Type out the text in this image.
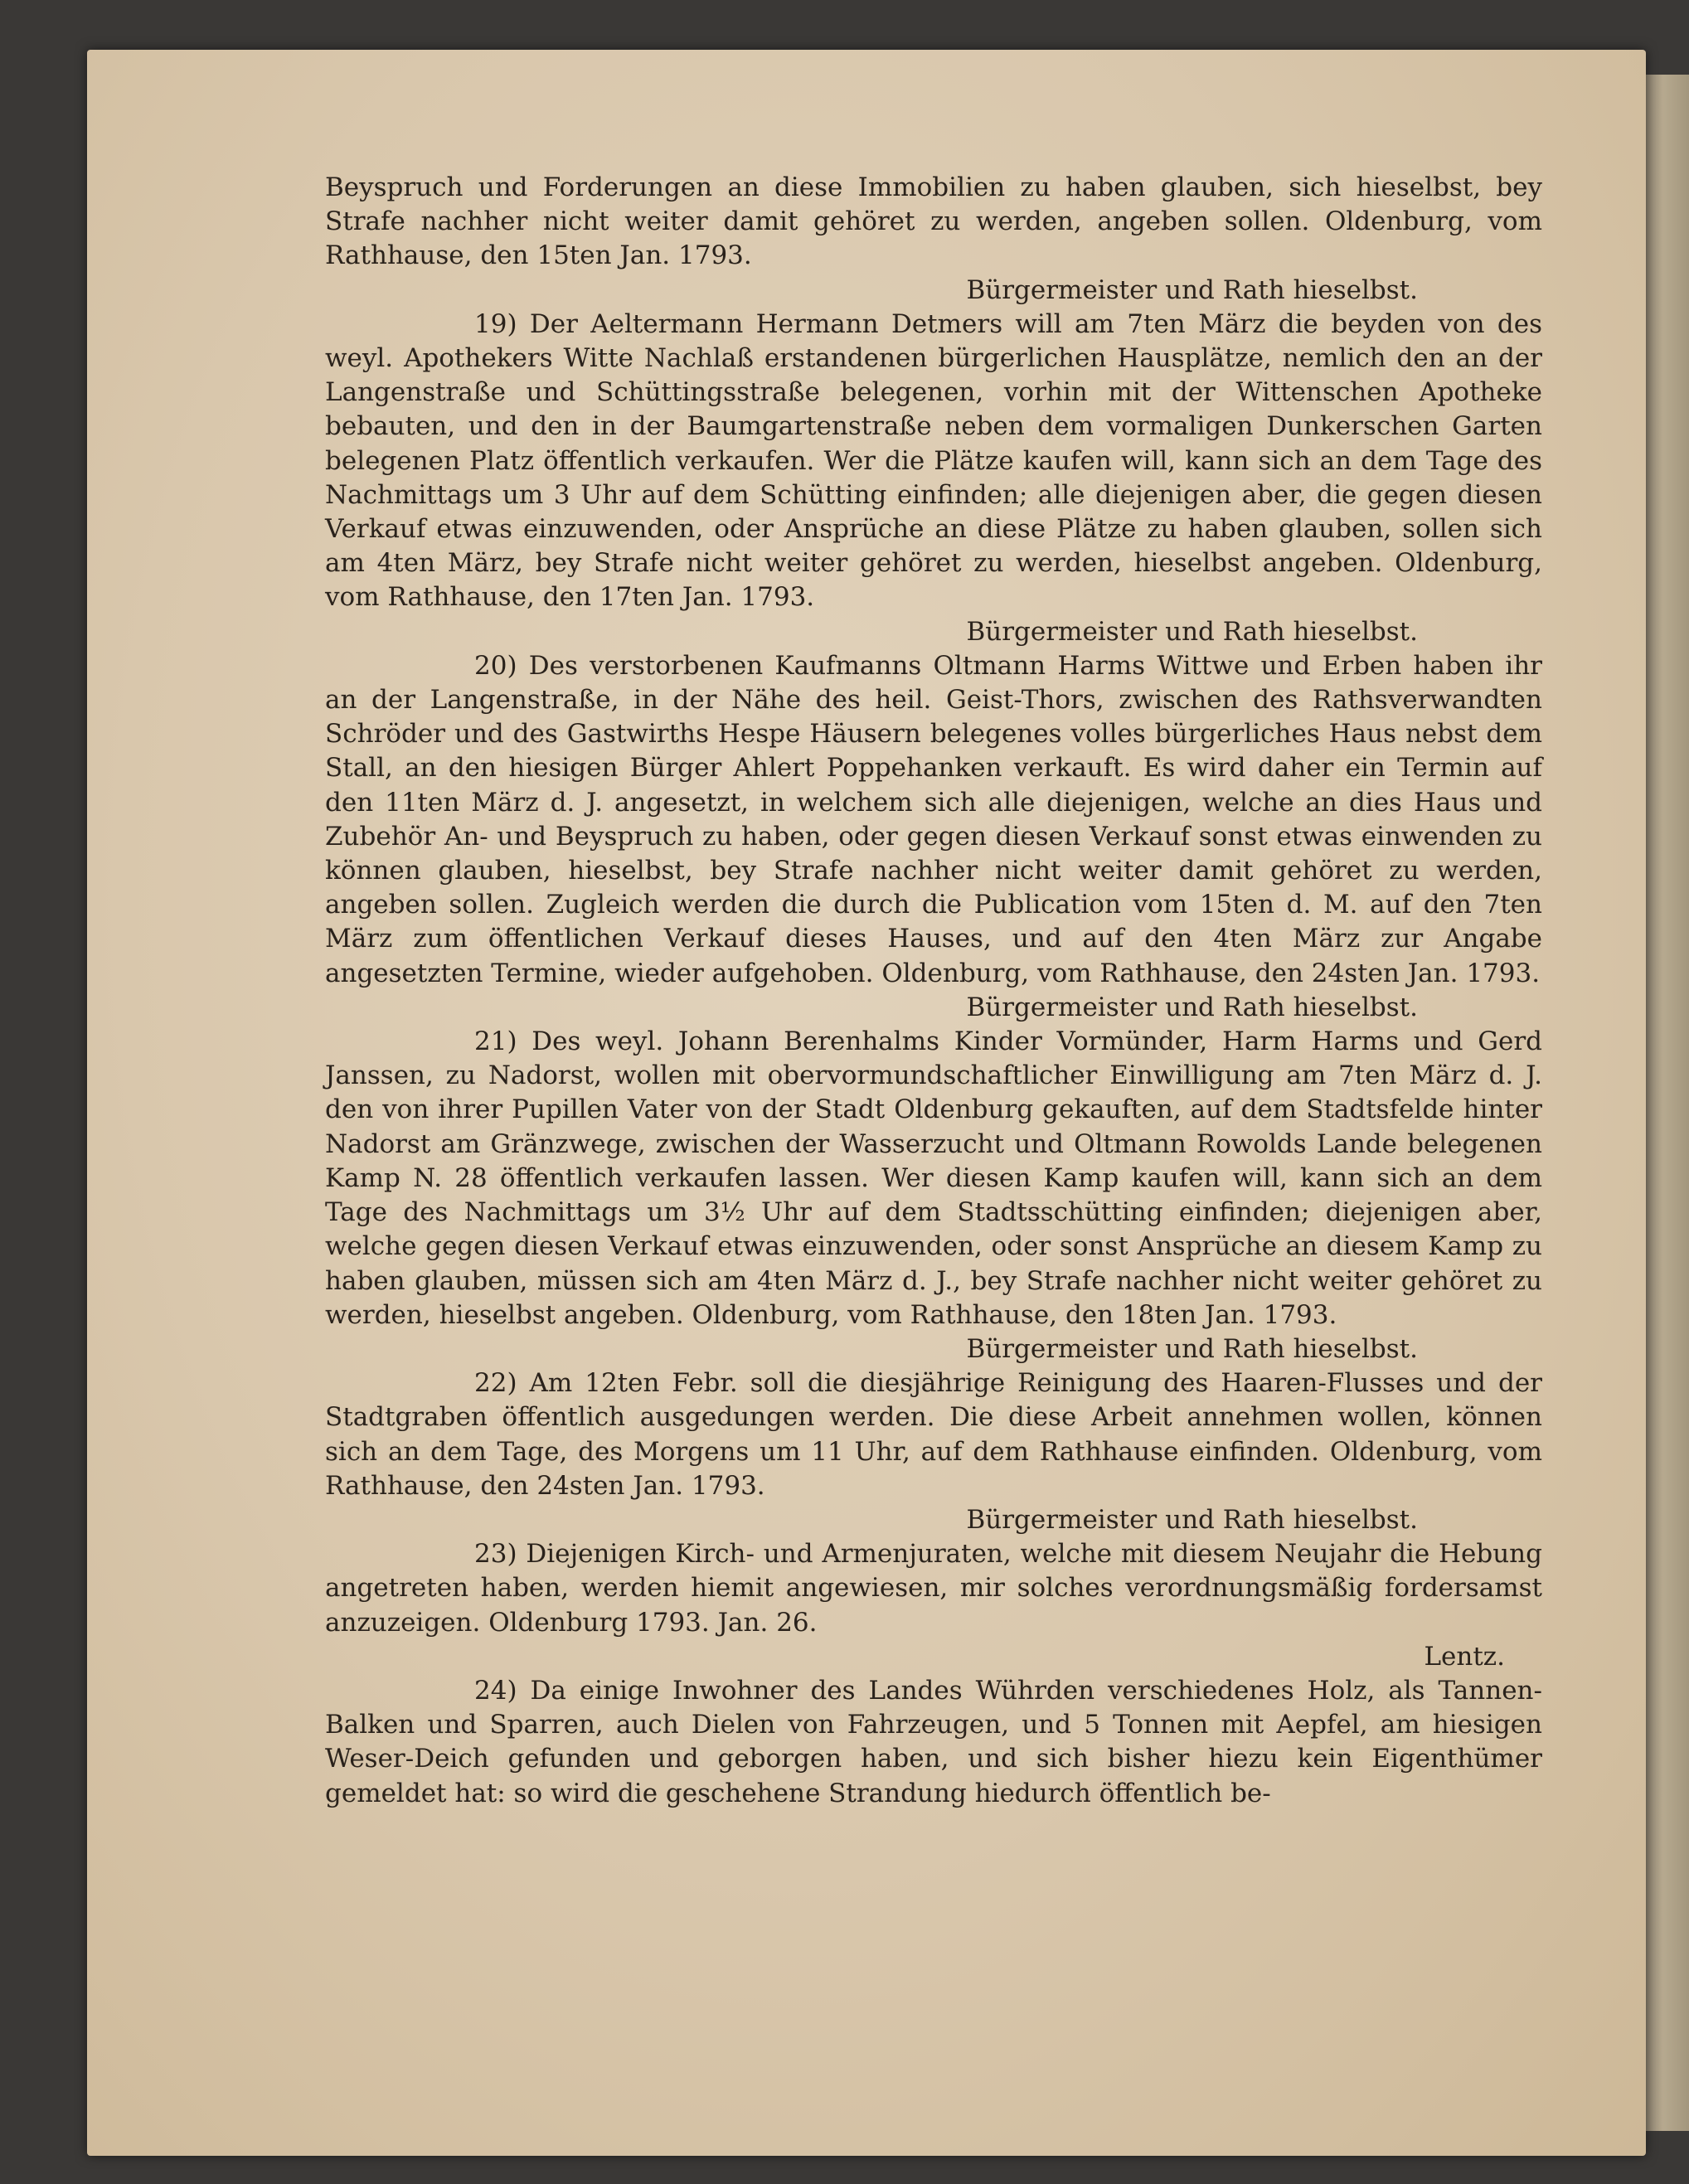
Beyspruch und Forderungen an diese Immobilien zu haben glauben, sich hieselbst, bey Strafe nachher nicht weiter damit gehöret zu werden, angeben sollen. Oldenburg, vom Rathhause, den 15ten Jan. 1793.

Bürgermeister und Rath hieselbst.

19) Der Aeltermann Hermann Detmers will am 7ten März die beyden von des weyl. Apothekers Witte Nachlaß erstandenen bürgerlichen Hausplätze, nemlich den an der Langenstraße und Schüttingsstraße belegenen, vorhin mit der Wittenschen Apotheke bebauten, und den in der Baumgartenstraße neben dem vormaligen Dunkerschen Garten belegenen Platz öffentlich verkaufen. Wer die Plätze kaufen will, kann sich an dem Tage des Nachmittags um 3 Uhr auf dem Schütting einfinden; alle diejenigen aber, die gegen diesen Verkauf etwas einzuwenden, oder Ansprüche an diese Plätze zu haben glauben, sollen sich am 4ten März, bey Strafe nicht weiter gehöret zu werden, hieselbst angeben. Oldenburg, vom Rathhause, den 17ten Jan. 1793.

Bürgermeister und Rath hieselbst.

20) Des verstorbenen Kaufmanns Oltmann Harms Wittwe und Erben haben ihr an der Langenstraße, in der Nähe des heil. Geist-Thors, zwischen des Rathsverwandten Schröder und des Gastwirths Hespe Häusern belegenes volles bürgerliches Haus nebst dem Stall, an den hiesigen Bürger Ahlert Poppehanken verkauft. Es wird daher ein Termin auf den 11ten März d. J. angesetzt, in welchem sich alle diejenigen, welche an dies Haus und Zubehör An- und Beyspruch zu haben, oder gegen diesen Verkauf sonst etwas einwenden zu können glauben, hieselbst, bey Strafe nachher nicht weiter damit gehöret zu werden, angeben sollen. Zugleich werden die durch die Publication vom 15ten d. M. auf den 7ten März zum öffentlichen Verkauf dieses Hauses, und auf den 4ten März zur Angabe angesetzten Termine, wieder aufgehoben. Oldenburg, vom Rathhause, den 24sten Jan. 1793.

Bürgermeister und Rath hieselbst.

21) Des weyl. Johann Berenhalms Kinder Vormünder, Harm Harms und Gerd Janssen, zu Nadorst, wollen mit obervormundschaftlicher Einwilligung am 7ten März d. J. den von ihrer Pupillen Vater von der Stadt Oldenburg gekauften, auf dem Stadtsfelde hinter Nadorst am Gränzwege, zwischen der Wasserzucht und Oltmann Rowolds Lande belegenen Kamp N. 28 öffentlich verkaufen lassen. Wer diesen Kamp kaufen will, kann sich an dem Tage des Nachmittags um 3½ Uhr auf dem Stadtsschütting einfinden; diejenigen aber, welche gegen diesen Verkauf etwas einzuwenden, oder sonst Ansprüche an diesem Kamp zu haben glauben, müssen sich am 4ten März d. J., bey Strafe nachher nicht weiter gehöret zu werden, hieselbst angeben. Oldenburg, vom Rathhause, den 18ten Jan. 1793.

Bürgermeister und Rath hieselbst.

22) Am 12ten Febr. soll die diesjährige Reinigung des Haaren-Flusses und der Stadtgraben öffentlich ausgedungen werden. Die diese Arbeit annehmen wollen, können sich an dem Tage, des Morgens um 11 Uhr, auf dem Rathhause einfinden. Oldenburg, vom Rathhause, den 24sten Jan. 1793.

Bürgermeister und Rath hieselbst.

23) Diejenigen Kirch- und Armenjuraten, welche mit diesem Neujahr die Hebung angetreten haben, werden hiemit angewiesen, mir solches verordnungsmäßig fordersamst anzuzeigen. Oldenburg 1793. Jan. 26.

Lentz.

24) Da einige Inwohner des Landes Wührden verschiedenes Holz, als Tannen-Balken und Sparren, auch Dielen von Fahrzeugen, und 5 Tonnen mit Aepfel, am hiesigen Weser-Deich gefunden und geborgen haben, und sich bisher hiezu kein Eigenthümer gemeldet hat: so wird die geschehene Strandung hiedurch öffentlich be-
